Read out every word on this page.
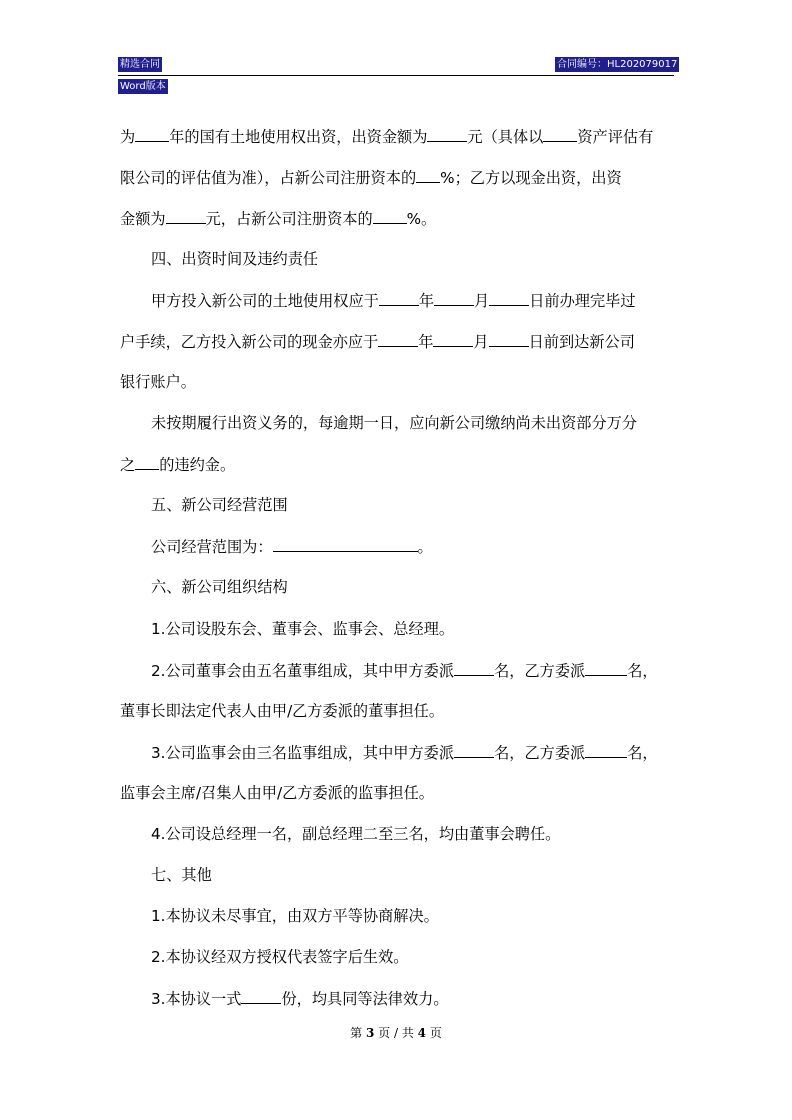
精选合同	合同编号：HL202079017
Word版本
为 年的国有土地使用权出资，出资金额为	元（具体以 资产评估有
限公司的评估值为准），占新公司注册资本的 %；乙方以现金出资，出资
金额为	元，占新公司注册资本的 %。
四、出资时间及违约责任
甲方投入新公司的土地使用权应于	年	月	日前办理完毕过
户手续，乙方投入新公司的现金亦应于	年	月	日前到达新公司
银行账户。
未按期履行出资义务的，每逾期一日，应向新公司缴纳尚未出资部分万分
之 的违约金。
五、新公司经营范围
公司经营范围为：	。
六、新公司组织结构
1.公司设股东会、董事会、监事会、总经理。
2.公司董事会由五名董事组成，其中甲方委派	名，乙方委派	名，
董事长即法定代表人由甲/乙方委派的董事担任。
3.公司监事会由三名监事组成，其中甲方委派	名，乙方委派	名，
监事会主席/召集人由甲/乙方委派的监事担任。
4.公司设总经理一名，副总经理二至三名，均由董事会聘任。
七、其他
1.本协议未尽事宜，由双方平等协商解决。
2.本协议经双方授权代表签字后生效。
3.本协议一式	份，均具同等法律效力。
第 3 页 / 共 4 页
